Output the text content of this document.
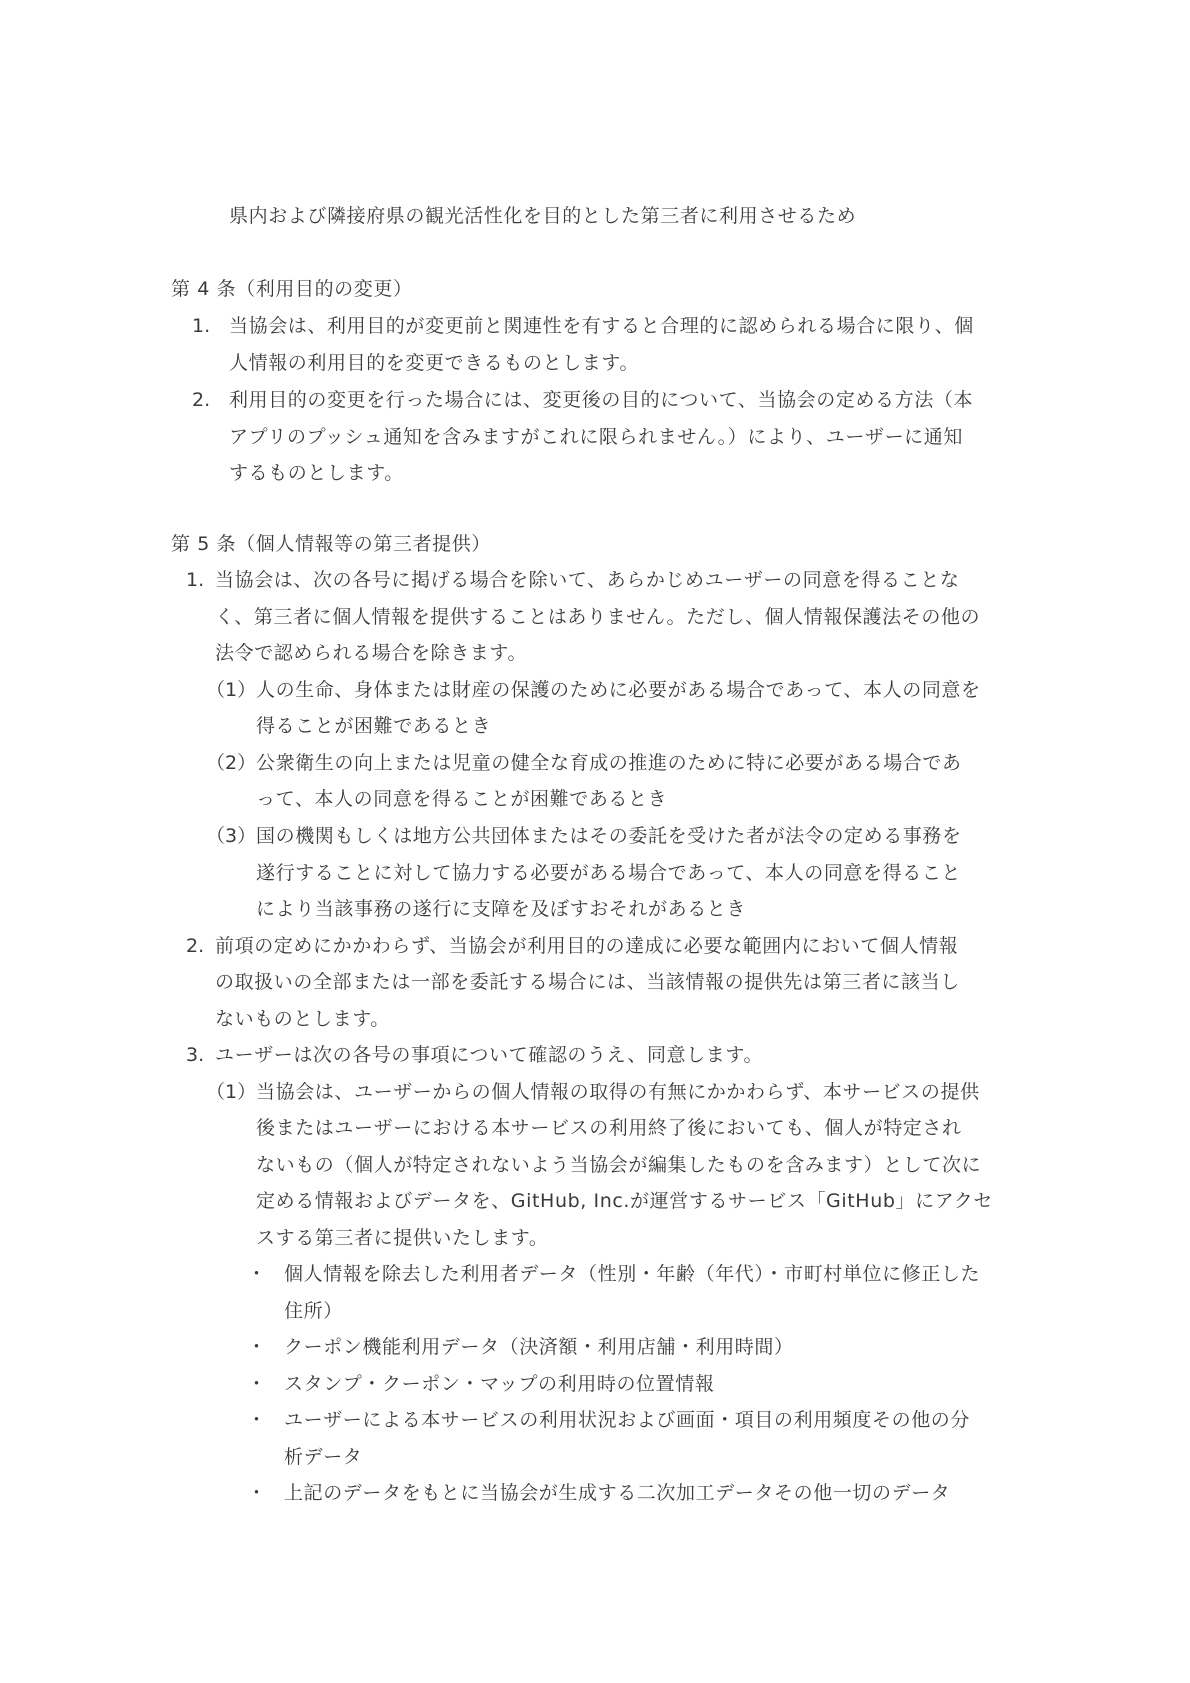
県内および隣接府県の観光活性化を目的とした第三者に利用させるため
第 4 条（利用目的の変更）
1. 当協会は、利用目的が変更前と関連性を有すると合理的に認められる場合に限り、個
人情報の利用目的を変更できるものとします。
2. 利用目的の変更を行った場合には、変更後の目的について、当協会の定める方法（本
アプリのプッシュ通知を含みますがこれに限られません。）により、ユーザーに通知
するものとします。
第 5 条（個人情報等の第三者提供）
1. 当協会は、次の各号に掲げる場合を除いて、あらかじめユーザーの同意を得ることな
く、第三者に個人情報を提供することはありません。ただし、個人情報保護法その他の
法令で認められる場合を除きます。
（1） 人の生命、身体または財産の保護のために必要がある場合であって、本人の同意を
得ることが困難であるとき
（2） 公衆衛生の向上または児童の健全な育成の推進のために特に必要がある場合であ
って、本人の同意を得ることが困難であるとき
（3） 国の機関もしくは地方公共団体またはその委託を受けた者が法令の定める事務を
遂行することに対して協力する必要がある場合であって、本人の同意を得ること
により当該事務の遂行に支障を及ぼすおそれがあるとき
2. 前項の定めにかかわらず、当協会が利用目的の達成に必要な範囲内において個人情報
の取扱いの全部または一部を委託する場合には、当該情報の提供先は第三者に該当し
ないものとします。
3. ユーザーは次の各号の事項について確認のうえ、同意します。
（1） 当協会は、ユーザーからの個人情報の取得の有無にかかわらず、本サービスの提供
後またはユーザーにおける本サービスの利用終了後においても、個人が特定され
ないもの（個人が特定されないよう当協会が編集したものを含みます）として次に
定める情報およびデータを、GitHub, Inc.が運営するサービス「GitHub」にアクセ
スする第三者に提供いたします。
・ 個人情報を除去した利用者データ（性別・年齢（年代）・市町村単位に修正した
住所）
・ クーポン機能利用データ（決済額・利用店舗・利用時間）
・ スタンプ・クーポン・マップの利用時の位置情報
・ ユーザーによる本サービスの利用状況および画面・項目の利用頻度その他の分
析データ
・ 上記のデータをもとに当協会が生成する二次加工データその他一切のデータ
